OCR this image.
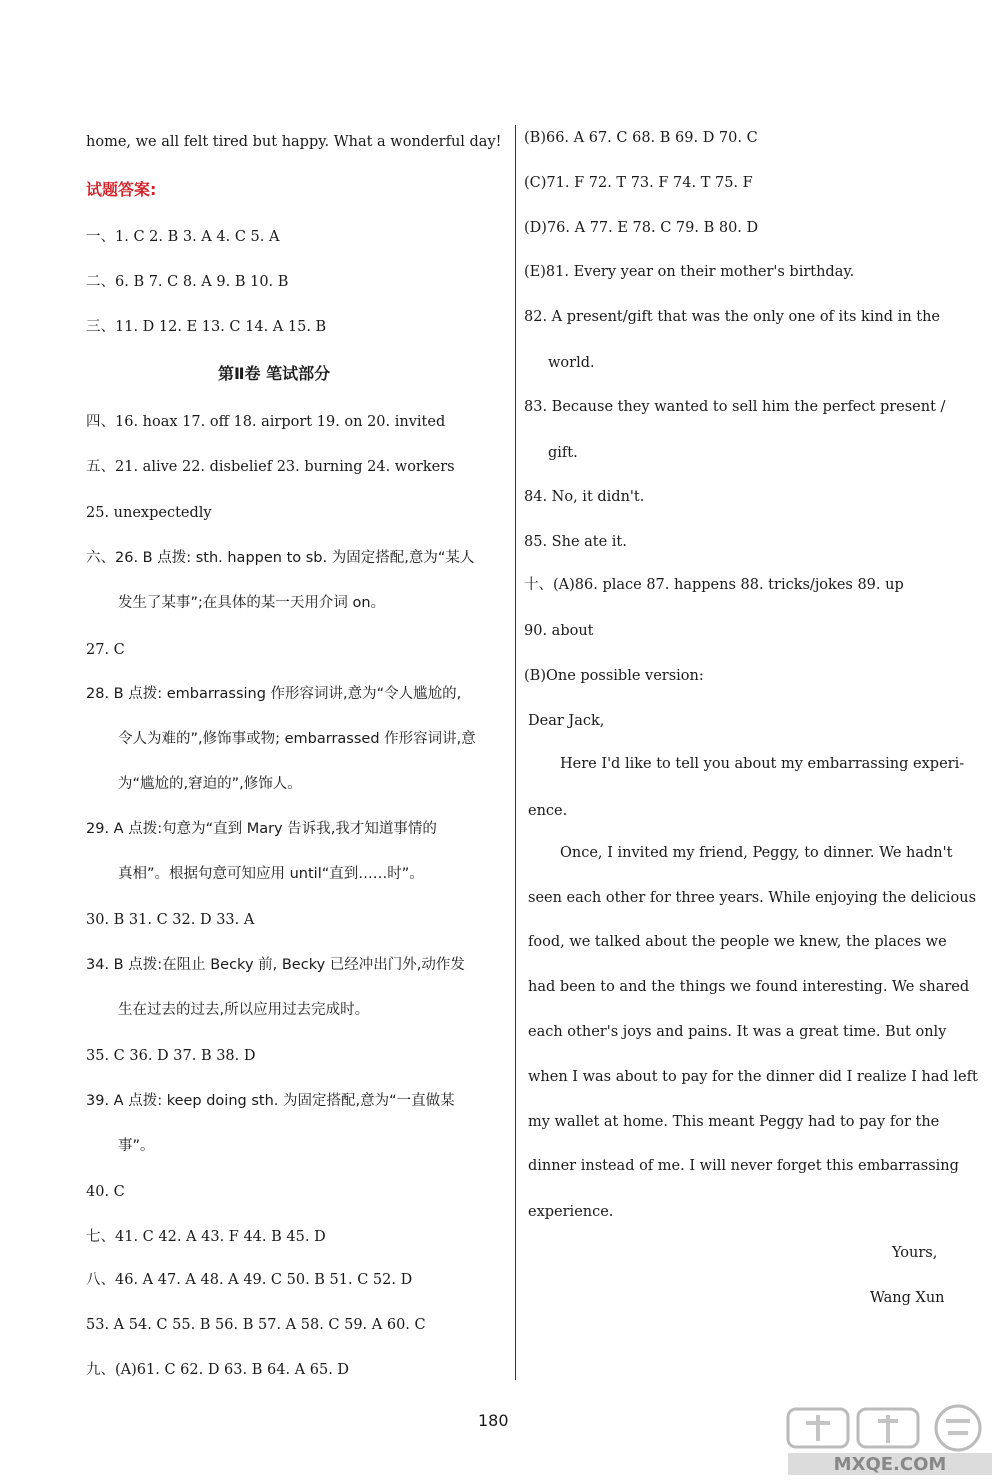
home, we all felt tired but happy. What a wonderful day!
试题答案:
一、1. C 2. B 3. A 4. C 5. A
二、6. B 7. C 8. A 9. B 10. B
三、11. D 12. E 13. C 14. A 15. B
第Ⅱ卷 笔试部分
四、16. hoax 17. off 18. airport 19. on 20. invited
五、21. alive 22. disbelief 23. burning 24. workers
25. unexpectedly
六、26. B 点拨: sth. happen to sb. 为固定搭配,意为“某人
发生了某事”;在具体的某一天用介词 on。
27. C
28. B 点拨: embarrassing 作形容词讲,意为“令人尴尬的,
令人为难的”,修饰事或物; embarrassed 作形容词讲,意
为“尴尬的,窘迫的”,修饰人。
29. A 点拨:句意为“直到 Mary 告诉我,我才知道事情的
真相”。根据句意可知应用 until“直到……时”。
30. B 31. C 32. D 33. A
34. B 点拨:在阻止 Becky 前, Becky 已经冲出门外,动作发
生在过去的过去,所以应用过去完成时。
35. C 36. D 37. B 38. D
39. A 点拨: keep doing sth. 为固定搭配,意为“一直做某
事”。
40. C
七、41. C 42. A 43. F 44. B 45. D
八、46. A 47. A 48. A 49. C 50. B 51. C 52. D
53. A 54. C 55. B 56. B 57. A 58. C 59. A 60. C
九、(A)61. C 62. D 63. B 64. A 65. D
(B)66. A 67. C 68. B 69. D 70. C
(C)71. F 72. T 73. F 74. T 75. F
(D)76. A 77. E 78. C 79. B 80. D
(E)81. Every year on their mother's birthday.
82. A present/gift that was the only one of its kind in the
world.
83. Because they wanted to sell him the perfect present /
gift.
84. No, it didn't.
85. She ate it.
十、(A)86. place 87. happens 88. tricks/jokes 89. up
90. about
(B)One possible version:
Dear Jack,
Here I'd like to tell you about my embarrassing experi-
ence.
Once, I invited my friend, Peggy, to dinner. We hadn't
seen each other for three years. While enjoying the delicious
food, we talked about the people we knew, the places we
had been to and the things we found interesting. We shared
each other's joys and pains. It was a great time. But only
when I was about to pay for the dinner did I realize I had left
my wallet at home. This meant Peggy had to pay for the
dinner instead of me. I will never forget this embarrassing
experience.
Yours,
Wang Xun
180
MXQE.COM
